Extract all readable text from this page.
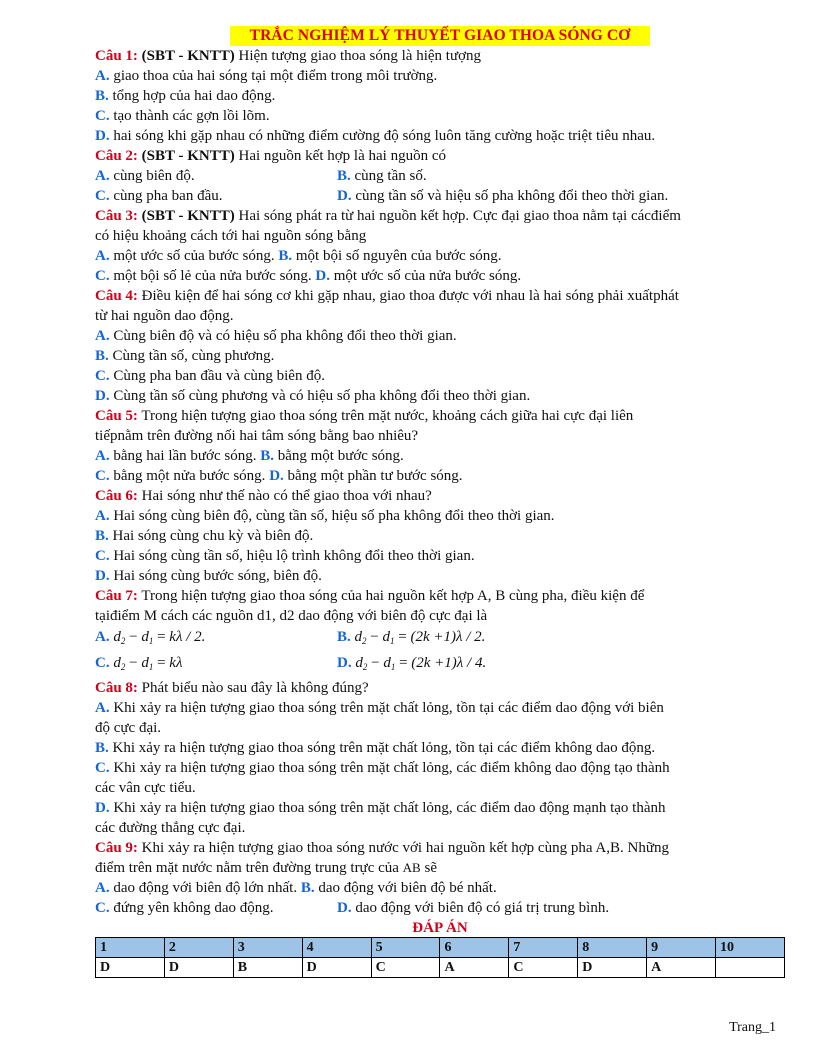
TRẮC NGHIỆM LÝ THUYẾT GIAO THOA SÓNG CƠ
Câu 1: (SBT - KNTT) Hiện tượng giao thoa sóng là hiện tượng
A. giao thoa của hai sóng tại một điểm trong môi trường.
B. tổng hợp của hai dao động.
C. tạo thành các gợn lồi lõm.
D. hai sóng khi gặp nhau có những điểm cường độ sóng luôn tăng cường hoặc triệt tiêu nhau.
Câu 2: (SBT - KNTT) Hai nguồn kết hợp là hai nguồn có
A. cùng biên độ.	B. cùng tần số.
C. cùng pha ban đầu.	D. cùng tần số và hiệu số pha không đổi theo thời gian.
Câu 3: (SBT - KNTT) Hai sóng phát ra từ hai nguồn kết hợp. Cực đại giao thoa nằm tại cácđiểm
có hiệu khoảng cách tới hai nguồn sóng bằng
A. một ước số của bước sóng. B. một bội số nguyên của bước sóng.
C. một bội số lẻ của nửa bước sóng. D. một ước số của nửa bước sóng.
Câu 4: Điều kiện để hai sóng cơ khi gặp nhau, giao thoa được với nhau là hai sóng phải xuấtphát
từ hai nguồn dao động.
A. Cùng biên độ và có hiệu số pha không đổi theo thời gian.
B. Cùng tần số, cùng phương.
C. Cùng pha ban đầu và cùng biên độ.
D. Cùng tần số cùng phương và có hiệu số pha không đổi theo thời gian.
Câu 5: Trong hiện tượng giao thoa sóng trên mặt nước, khoảng cách giữa hai cực đại liên
tiếpnằm trên đường nối hai tâm sóng bằng bao nhiêu?
A. bằng hai lần bước sóng. B. bằng một bước sóng.
C. bằng một nửa bước sóng. D. bằng một phần tư bước sóng.
Câu 6: Hai sóng như thế nào có thể giao thoa với nhau?
A. Hai sóng cùng biên độ, cùng tần số, hiệu số pha không đổi theo thời gian.
B. Hai sóng cùng chu kỳ và biên độ.
C. Hai sóng cùng tần số, hiệu lộ trình không đổi theo thời gian.
D. Hai sóng cùng bước sóng, biên độ.
Câu 7: Trong hiện tượng giao thoa sóng của hai nguồn kết hợp A, B cùng pha, điều kiện để
tạiđiểm M cách các nguồn d1, d2 dao động với biên độ cực đại là
A. $d_2 - d_1 = k\lambda / 2$.	B. $d_2 - d_1 = (2k +1)\lambda / 2$.
C. $d_2 - d_1 = k\lambda$	D. $d_2 - d_1 = (2k +1)\lambda / 4$.
Câu 8: Phát biểu nào sau đây là không đúng?
A. Khi xảy ra hiện tượng giao thoa sóng trên mặt chất lỏng, tồn tại các điểm dao động với biên
độ cực đại.
B. Khi xảy ra hiện tượng giao thoa sóng trên mặt chất lỏng, tồn tại các điểm không dao động.
C. Khi xảy ra hiện tượng giao thoa sóng trên mặt chất lỏng, các điểm không dao động tạo thành
các vân cực tiểu.
D. Khi xảy ra hiện tượng giao thoa sóng trên mặt chất lỏng, các điểm dao động mạnh tạo thành
các đường thẳng cực đại.
Câu 9: Khi xảy ra hiện tượng giao thoa sóng nước với hai nguồn kết hợp cùng pha A,B. Những
điểm trên mặt nước nằm trên đường trung trực của AB sẽ
A. dao động với biên độ lớn nhất. B. dao động với biên độ bé nhất.
C. đứng yên không dao động.	D. dao động với biên độ có giá trị trung bình.
ĐÁP ÁN
1	2	3	4	5	6	7	8	9	10
D	D	B	D	C	A	C	D	A	
Trang_1
